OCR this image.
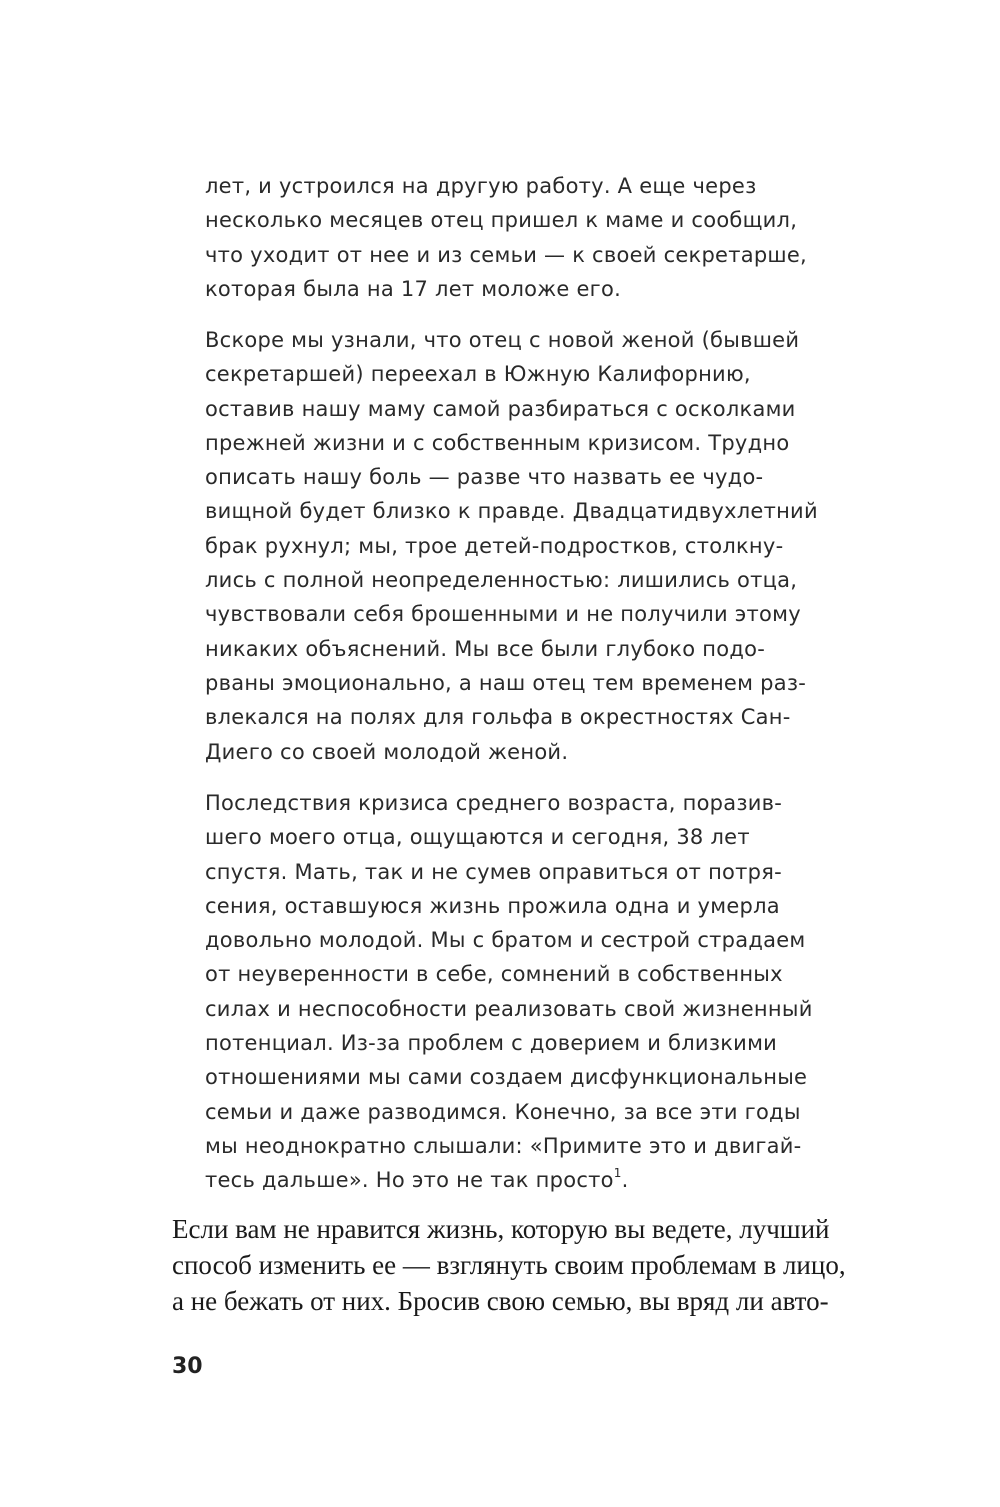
лет, и устроился на другую работу. А еще через
несколько месяцев отец пришел к маме и сообщил,
что уходит от нее и из семьи — к своей секретарше,
которая была на 17 лет моложе его.

Вскоре мы узнали, что отец с новой женой (бывшей
секретаршей) переехал в Южную Калифорнию,
оставив нашу маму самой разбираться с осколками
прежней жизни и с собственным кризисом. Трудно
описать нашу боль — разве что назвать ее чудо-
вищной будет близко к правде. Двадцатидвухлетний
брак рухнул; мы, трое детей-подростков, столкну-
лись с полной неопределенностью: лишились отца,
чувствовали себя брошенными и не получили этому
никаких объяснений. Мы все были глубоко подо-
рваны эмоционально, а наш отец тем временем раз-
влекался на полях для гольфа в окрестностях Сан-
Диего со своей молодой женой.

Последствия кризиса среднего возраста, поразив-
шего моего отца, ощущаются и сегодня, 38 лет
спустя. Мать, так и не сумев оправиться от потря-
сения, оставшуюся жизнь прожила одна и умерла
довольно молодой. Мы с братом и сестрой страдаем
от неуверенности в себе, сомнений в собственных
силах и неспособности реализовать свой жизненный
потенциал. Из-за проблем с доверием и близкими
отношениями мы сами создаем дисфункциональные
семьи и даже разводимся. Конечно, за все эти годы
мы неоднократно слышали: «Примите это и двигай-
тесь дальше». Но это не так просто$^1$.

Если вам не нравится жизнь, которую вы ведете, лучший
способ изменить ее — взглянуть своим проблемам в лицо,
а не бежать от них. Бросив свою семью, вы вряд ли авто-

30
